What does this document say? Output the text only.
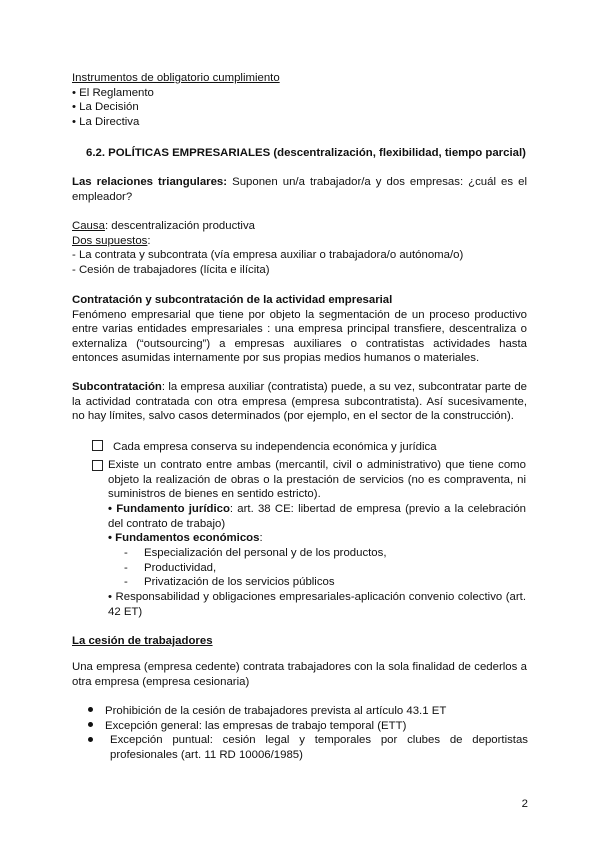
Instrumentos de obligatorio cumplimiento

• El Reglamento

• La Decisión

• La Directiva

6.2. POLÍTICAS EMPRESARIALES (descentralización, flexibilidad, tiempo parcial)
Las relaciones triangulares: Suponen un/a trabajador/a y dos empresas: ¿cuál es el empleador?

Causa: descentralización productiva

Dos supuestos:

- La contrata y subcontrata (vía empresa auxiliar o trabajadora/o autónoma/o)

- Cesión de trabajadores (lícita e ilícita)

Contratación y subcontratación de la actividad empresarial

Fenómeno empresarial que tiene por objeto la segmentación de un proceso productivo entre varias entidades empresariales : una empresa principal transfiere, descentraliza o externaliza (“outsourcing”) a empresas auxiliares o contratistas actividades hasta entonces asumidas internamente por sus propias medios humanos o materiales.

Subcontratación: la empresa auxiliar (contratista) puede, a su vez, subcontratar parte de la actividad contratada con otra empresa (empresa subcontratista). Así sucesivamente, no hay límites, salvo casos determinados (por ejemplo, en el sector de la construcción).
Cada empresa conserva su independencia económica y jurídica

Existe un contrato entre ambas (mercantil, civil o administrativo) que tiene como objeto la realización de obras o la prestación de servicios (no es compraventa, ni suministros de bienes en sentido estricto).

• Fundamento jurídico: art. 38 CE: libertad de empresa (previo a la celebración del contrato de trabajo)
• Fundamentos económicos:

- Especialización del personal y de los productos,

- Productividad,

- Privatización de los servicios públicos

• Responsabilidad y obligaciones empresariales-aplicación convenio colectivo (art. 42 ET)
La cesión de trabajadores
Una empresa (empresa cedente) contrata trabajadores con la sola finalidad de cederlos a otra empresa (empresa cesionaria)

Prohibición de la cesión de trabajadores prevista al artículo 43.1 ET

Excepción general: las empresas de trabajo temporal (ETT)

Excepción puntual: cesión legal y temporales por clubes de deportistas profesionales (art. 11 RD 10006/1985)

2
